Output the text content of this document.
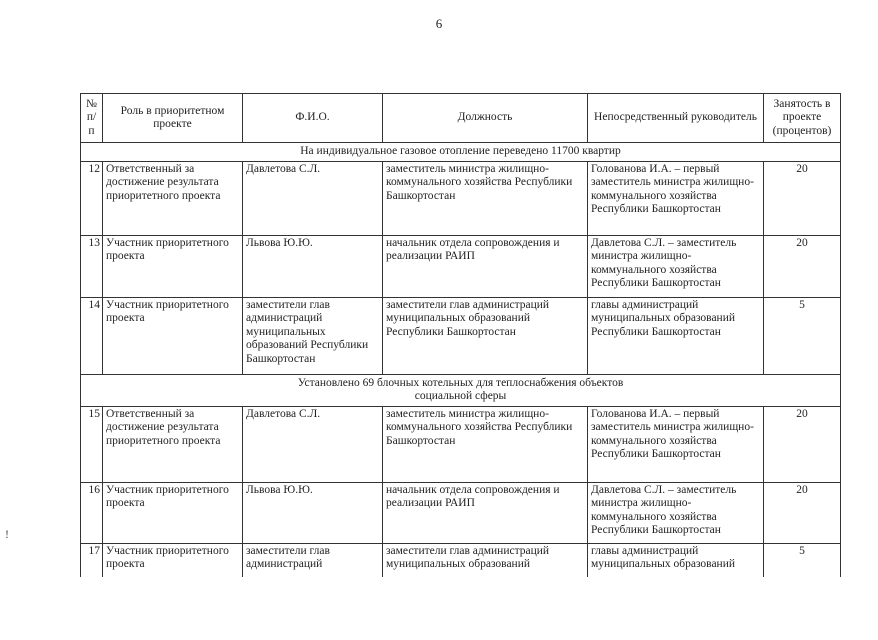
6
!
№ п/п	Роль в приоритетном проекте	Ф.И.О.	Должность	Непосредственный руководитель	Занятость в проекте (процентов)
На индивидуальное газовое отопление переведено 11700 квартир					
12	Ответственный за достижение результата приоритетного проекта	Давлетова С.Л.	заместитель министра жилищно-коммунального хозяйства Республики Башкортостан	Голованова И.А. – первый заместитель министра жилищно-коммунального хозяйства Республики Башкортостан	20
13	Участник приоритетного проекта	Львова Ю.Ю.	начальник отдела сопровождения и реализации РАИП	Давлетова С.Л. – заместитель министра жилищно-коммунального хозяйства Республики Башкортостан	20
14	Участник приоритетного проекта	заместители глав администраций муниципальных образований Республики Башкортостан	заместители глав администраций муниципальных образований Республики Башкортостан	главы администраций муниципальных образований Республики Башкортостан	5
Установлено 69 блочных котельных для теплоснабжения объектов
социальной сферы					
15	Ответственный за достижение результата приоритетного проекта	Давлетова С.Л.	заместитель министра жилищно-коммунального хозяйства Республики Башкортостан	Голованова И.А. – первый заместитель министра жилищно-коммунального хозяйства Республики Башкортостан	20
16	Участник приоритетного проекта	Львова Ю.Ю.	начальник отдела сопровождения и реализации РАИП	Давлетова С.Л. – заместитель министра жилищно-коммунального хозяйства Республики Башкортостан	20
17	Участник приоритетного проекта	заместители глав администраций	заместители глав администраций муниципальных образований	главы администраций муниципальных образований	5
